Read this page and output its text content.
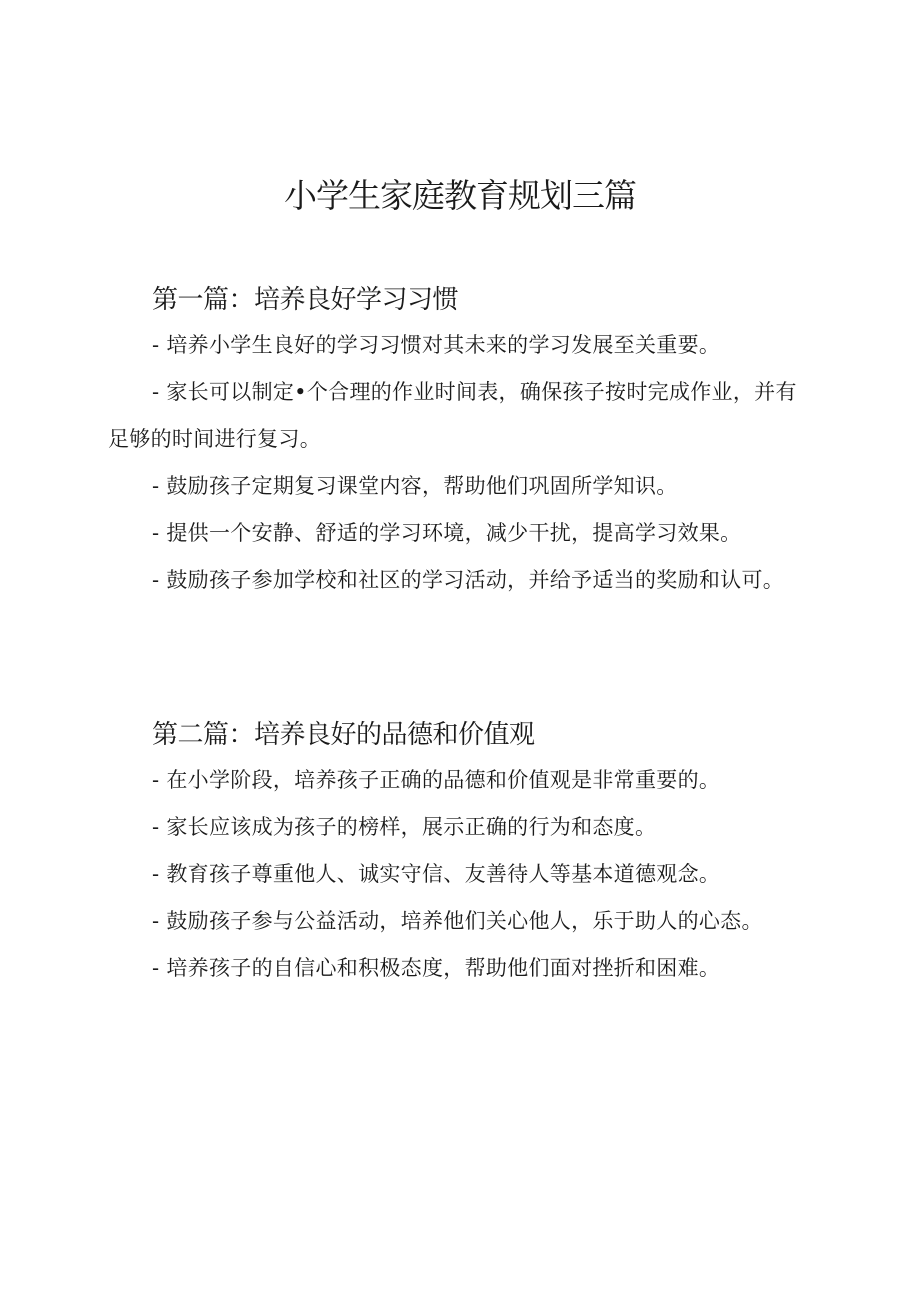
小学生家庭教育规划三篇
第一篇：培养良好学习习惯

- 培养小学生良好的学习习惯对其未来的学习发展至关重要。

- 家长可以制定•个合理的作业时间表，确保孩子按时完成作业，并有足够的时间进行复习。

- 鼓励孩子定期复习课堂内容，帮助他们巩固所学知识。

- 提供一个安静、舒适的学习环境，减少干扰，提高学习效果。

- 鼓励孩子参加学校和社区的学习活动，并给予适当的奖励和认可。

第二篇：培养良好的品德和价值观

- 在小学阶段，培养孩子正确的品德和价值观是非常重要的。

- 家长应该成为孩子的榜样，展示正确的行为和态度。

- 教育孩子尊重他人、诚实守信、友善待人等基本道德观念。

- 鼓励孩子参与公益活动，培养他们关心他人，乐于助人的心态。

- 培养孩子的自信心和积极态度，帮助他们面对挫折和困难。
